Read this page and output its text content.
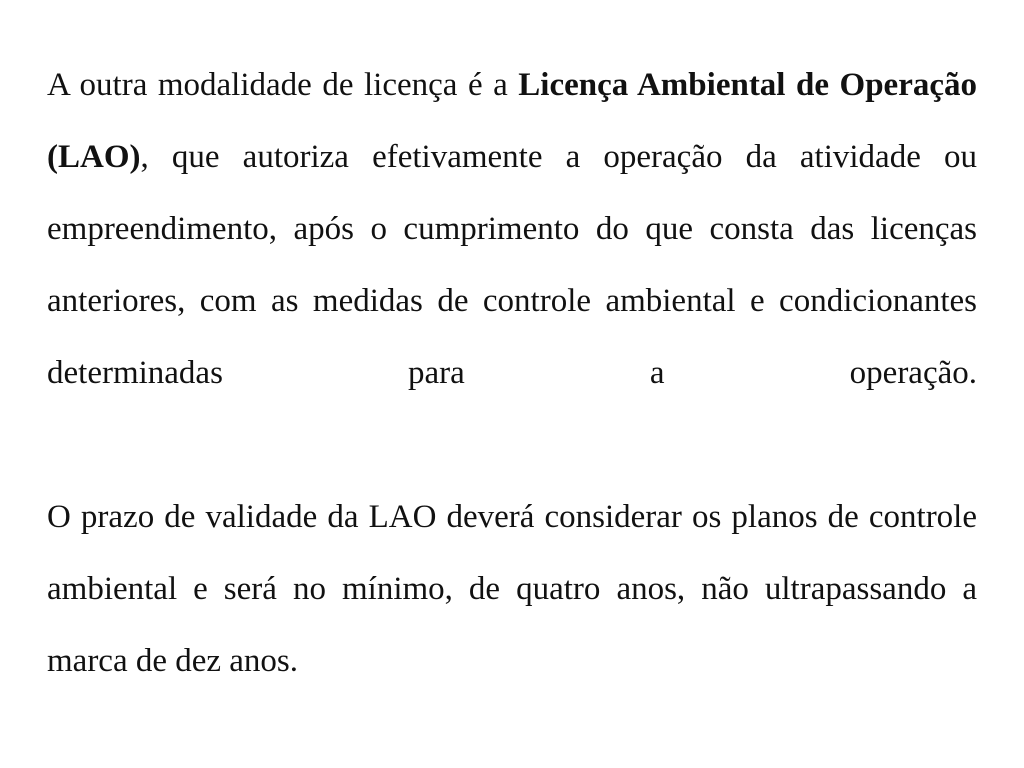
A outra modalidade de licença é a Licença Ambiental de Operação (LAO), que autoriza efetivamente a operação da atividade ou empreendimento, após o cumprimento do que consta das licenças anteriores, com as medidas de controle ambiental e condicionantes determinadas para a operação.

O prazo de validade da LAO deverá considerar os planos de controle ambiental e será no mínimo, de quatro anos, não ultrapassando a marca de dez anos.
